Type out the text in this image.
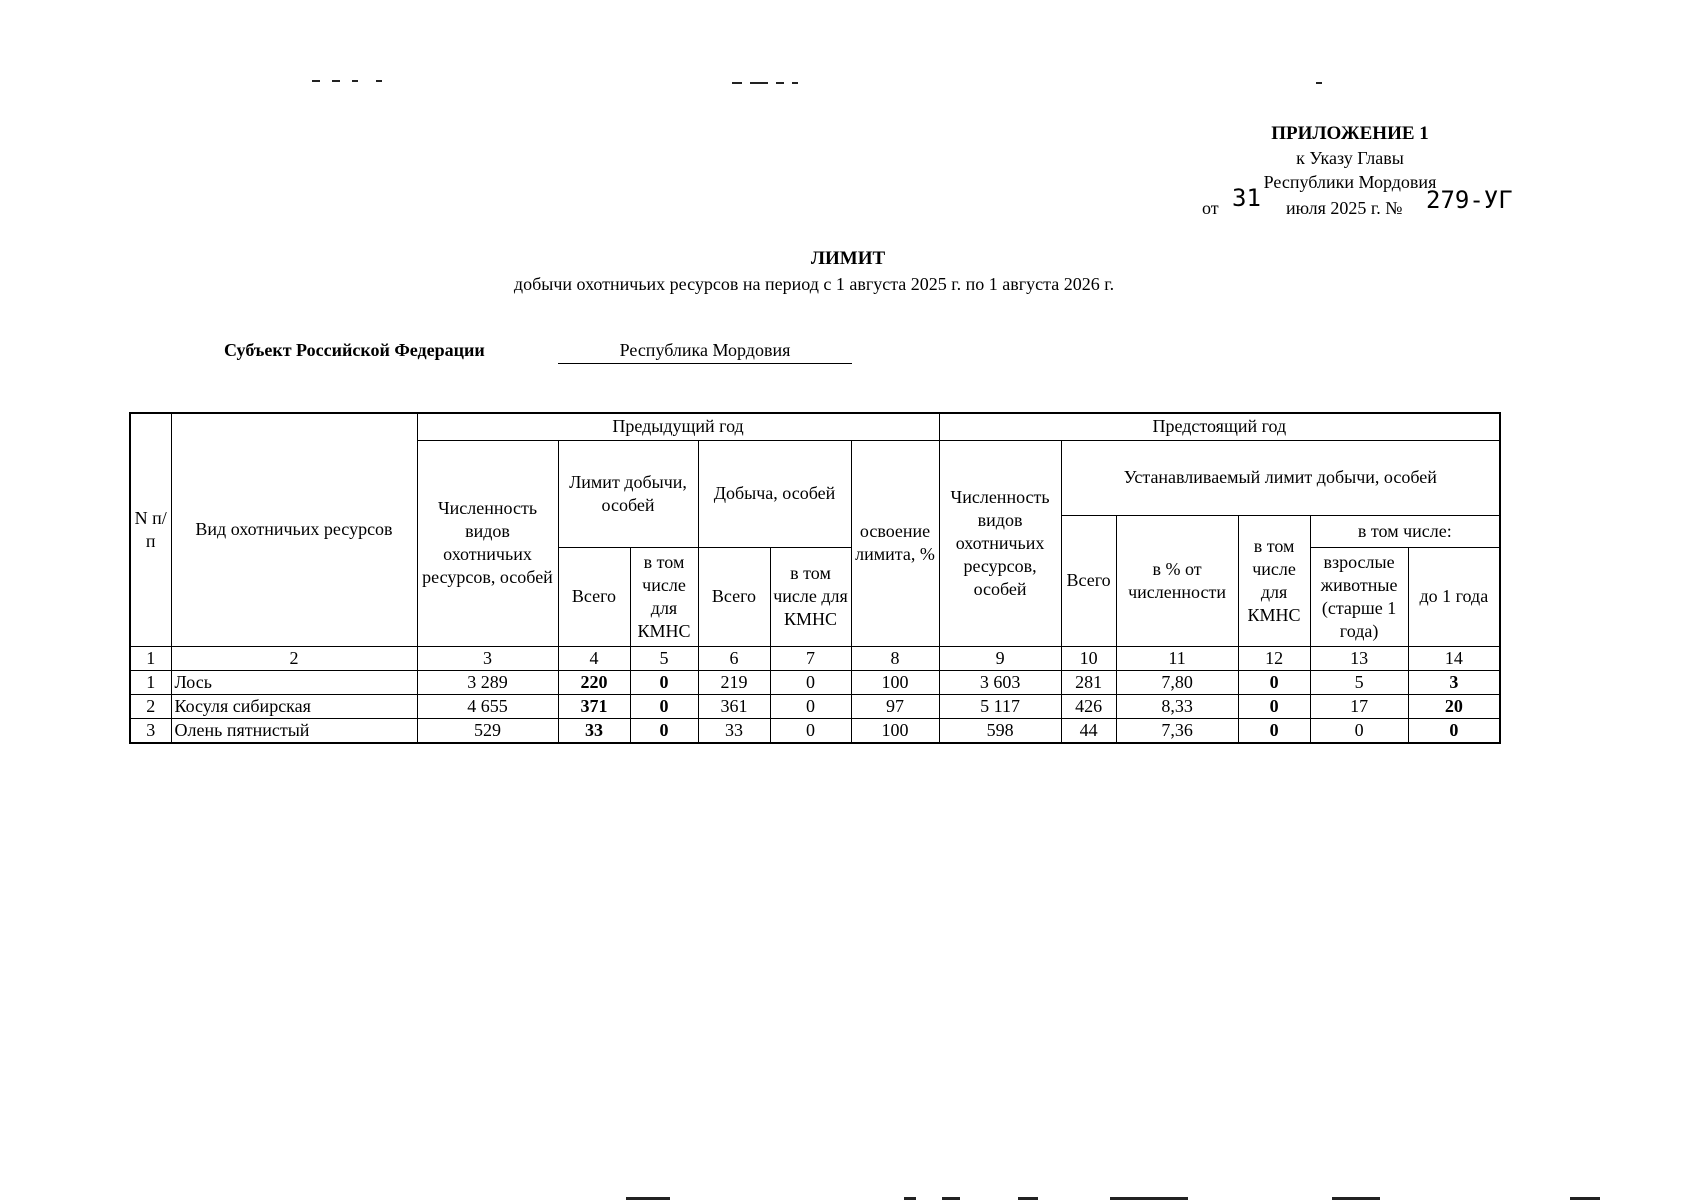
ПРИЛОЖЕНИЕ 1
к Указу Главы
Республики Мордовия
от 31 июля 2025 г. № 279-УГ
ЛИМИТ
добычи охотничьих ресурсов на период с 1 августа 2025 г. по 1 августа 2026 г.
Субъект Российской Федерации	Республика Мордовия
N п/п	Вид охотничьих ресурсов	Предыдущий год						Предстоящий год					
		Численность видов охотничьих ресурсов, особей	Лимит добычи, особей		Добыча, особей		освоение лимита, %	Численность видов охотничьих ресурсов, особей	Устанавливаемый лимит добычи, особей				
									Всего	в % от численности	в том числе для КМНС	в том числе:	
			Всего	в том числе для КМНС	Всего	в том числе для КМНС						взрослые животные (старше 1 года)	до 1 года
1	2	3	4	5	6	7	8	9	10	11	12	13	14
1	Лось	3 289	220	0	219	0	100	3 603	281	7,80	0	5	3
2	Косуля сибирская	4 655	371	0	361	0	97	5 117	426	8,33	0	17	20
3	Олень пятнистый	529	33	0	33	0	100	598	44	7,36	0	0	0
